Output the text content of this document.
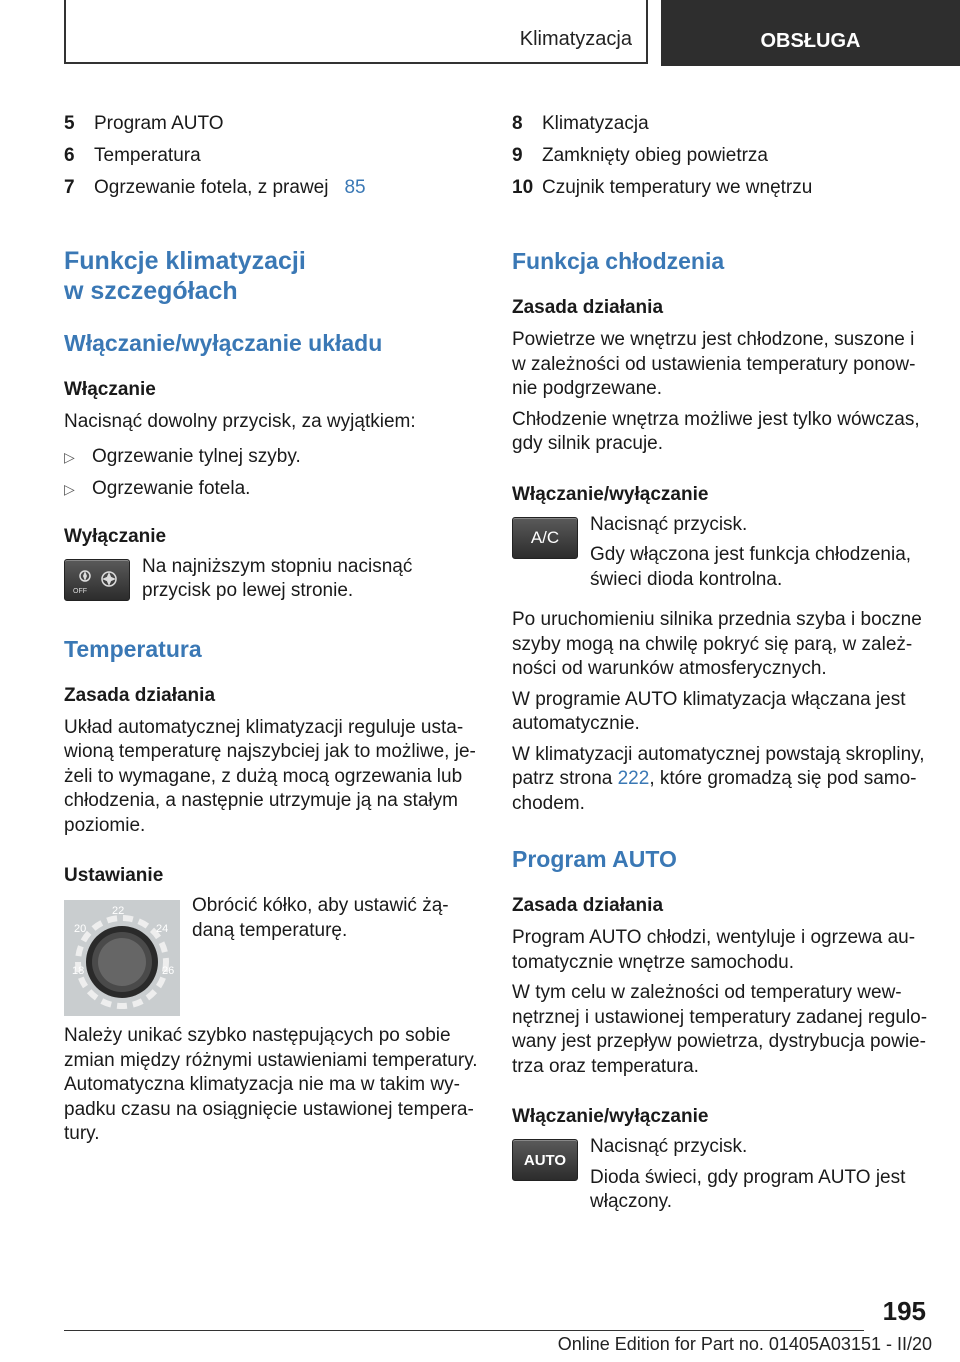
Klimatyzacja	OBSŁUGA
5	Program AUTO
6	Temperatura
7	Ogrzewanie fotela, z prawej 85
Funkcje klimatyzacji
w szczegółach
Włączanie/wyłączanie układu
Włączanie

Nacisnąć dowolny przycisk, za wyjątkiem:

▷ Ogrzewanie tylnej szyby.
▷ Ogrzewanie fotela.
Wyłączanie
OFF

Na najniższym stopniu nacisnąć przycisk po lewej stronie.

Temperatura
Zasada działania

Układ automatycznej klimatyzacji reguluje ustawioną temperaturę najszybciej jak to możliwe, jeżeli to wymagane, z dużą mocą ogrzewania lub chłodzenia, a następnie utrzymuje ją na stałym poziomie.

Ustawianie
18
20
22
24
26

Obrócić kółko, aby ustawić żądaną temperaturę.

Należy unikać szybko następujących po sobie zmian między różnymi ustawieniami temperatury. Automatyczna klimatyzacja nie ma w takim wypadku czasu na osiągnięcie ustawionej temperatury.

8	Klimatyzacja
9	Zamknięty obieg powietrza
10 Czujnik temperatury we wnętrzu
Funkcja chłodzenia
Zasada działania

Powietrze we wnętrzu jest chłodzone, suszone i w zależności od ustawienia temperatury ponownie podgrzewane.

Chłodzenie wnętrza możliwe jest tylko wówczas, gdy silnik pracuje.

Włączanie/wyłączanie
A/C

Nacisnąć przycisk.

Gdy włączona jest funkcja chłodzenia, świeci dioda kontrolna.

Po uruchomieniu silnika przednia szyba i boczne szyby mogą na chwilę pokryć się parą, w zależności od warunków atmosferycznych.

W programie AUTO klimatyzacja włączana jest automatycznie.

W klimatyzacji automatycznej powstają skropliny, patrz strona 222, które gromadzą się pod samochodem.

Program AUTO
Zasada działania

Program AUTO chłodzi, wentyluje i ogrzewa automatycznie wnętrze samochodu.

W tym celu w zależności od temperatury wewnętrznej i ustawionej temperatury zadanej regulowany jest przepływ powietrza, dystrybucja powietrza oraz temperatura.

Włączanie/wyłączanie
AUTO

Nacisnąć przycisk.

Dioda świeci, gdy program AUTO jest włączony.

195
Online Edition for Part no. 01405A03151 - II/20
